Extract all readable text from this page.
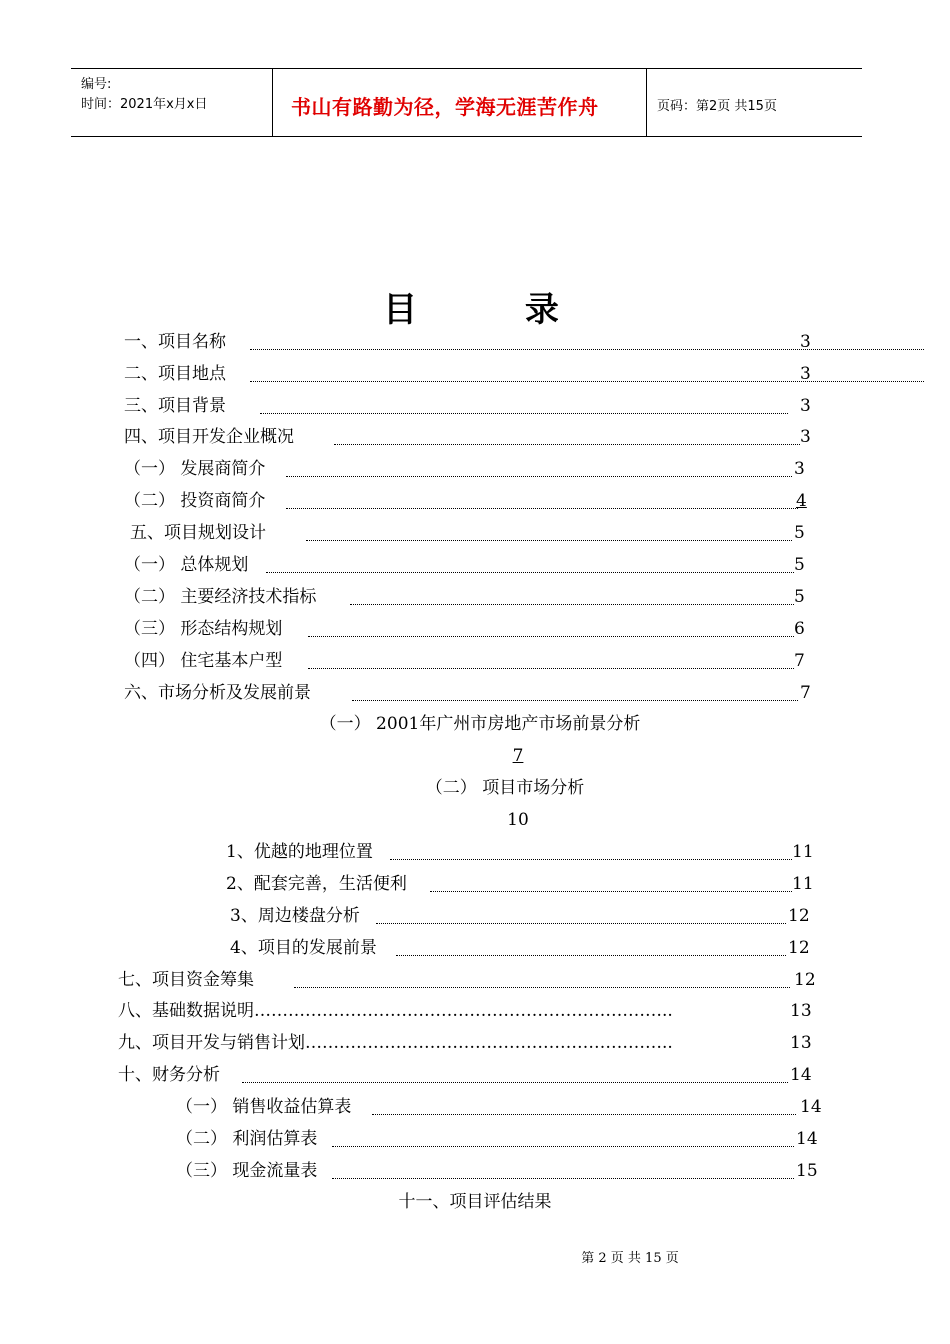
编号:
时间：2021年x月x日	书山有路勤为径，学海无涯苦作舟	页码：第2页 共15页
目 录
一、项目名称	3
二、项目地点	3
三、项目背景	3
四、项目开发企业概况	3
（一） 发展商简介	3
（二） 投资商简介	4
五、项目规划设计	5
（一） 总体规划	5
（二） 主要经济技术指标	5
（三） 形态结构规划	6
（四） 住宅基本户型	7
六、市场分析及发展前景	7
（一） 2001年广州市房地产市场前景分析
7
（二） 项目市场分析
10
1、优越的地理位置	11
2、配套完善，生活便利	11
3、周边楼盘分析	12
4、项目的发展前景	12
七、项目资金筹集	12
八、基础数据说明………………………………………………………………..	13
九、项目开发与销售计划………………………………………………………..	13
十、财务分析	14
（一） 销售收益估算表	14
（二） 利润估算表	14
（三） 现金流量表	15
十一、项目评估结果
第 2 页 共 15 页
